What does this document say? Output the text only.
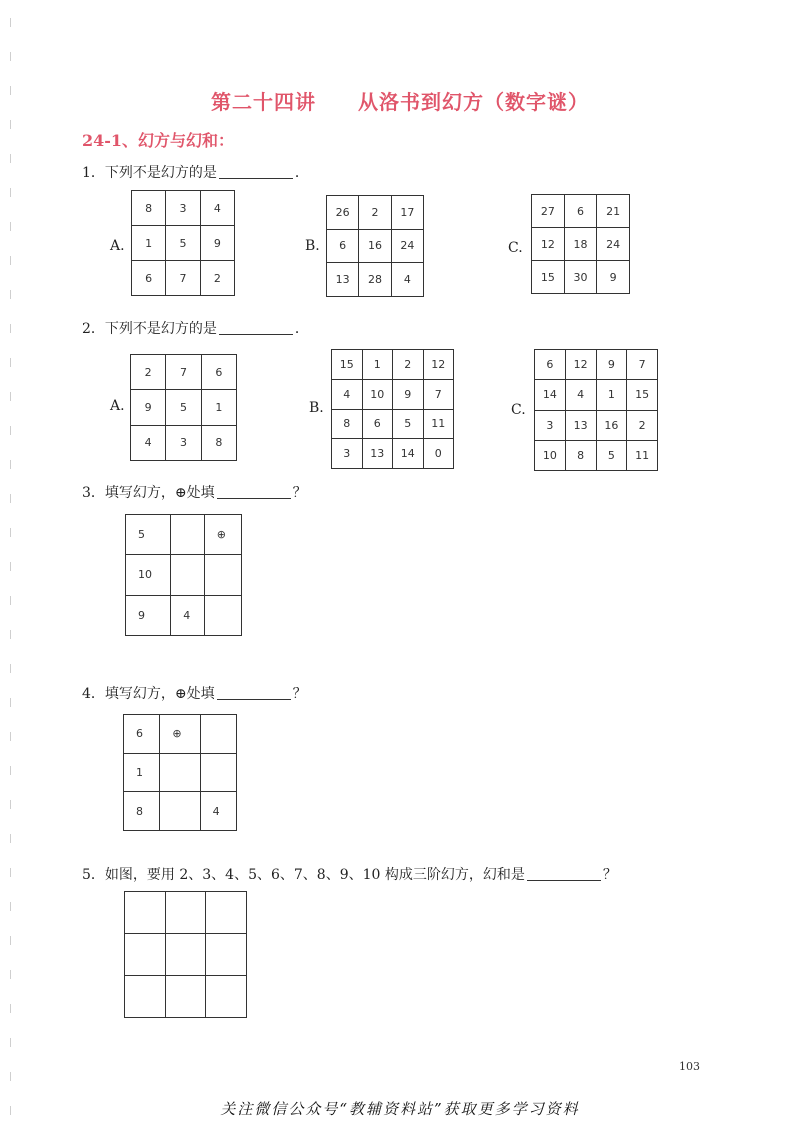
第二十四讲　　从洛书到幻方（数字谜）
24-1、幻方与幻和：
1．下列不是幻方的是	．
A.
8	3	4
1	5	9
6	7	2
B.
26	2	17
6	16	24
13	28	4
C.
27	6	21
12	18	24
15	30	9
2．下列不是幻方的是	．
A.
2	7	6
9	5	1
4	3	8
B.
15	1	2	12
4	10	9	7
8	6	5	11
3	13	14	0
C.
6	12	9	7
14	4	1	15
3	13	16	2
10	8	5	11
3．填写幻方，⊕处填	？
5		⊕
10		
9	4	
4．填写幻方，⊕处填	？
6	⊕	
1		
8		4
5．如图，要用 2、3、4、5、6、7、8、9、10 构成三阶幻方，幻和是	？

103
关注微信公众号“教辅资料站”获取更多学习资料
